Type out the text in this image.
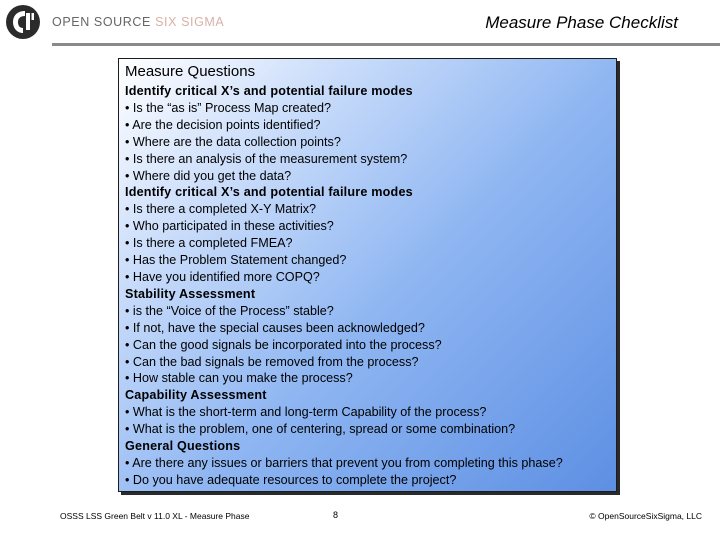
OPEN SOURCE SIX SIGMA	Measure Phase Checklist
Measure Questions
Identify critical X’s and potential failure modes
• Is the “as is” Process Map created?
• Are the decision points identified?
• Where are the data collection points?
• Is there an analysis of the measurement system?
• Where did you get the data?
Identify critical X’s and potential failure modes
• Is there a completed X-Y Matrix?
• Who participated in these activities?
• Is there a completed FMEA?
• Has the Problem Statement changed?
• Have you identified more COPQ?
Stability Assessment
• is the “Voice of the Process” stable?
• If not, have the special causes been acknowledged?
• Can the good signals be incorporated into the process?
• Can the bad signals be removed from the process?
• How stable can you make the process?
Capability Assessment
• What is the short-term and long-term Capability of the process?
• What is the problem, one of centering, spread or some combination?
General Questions
• Are there any issues or barriers that prevent you from completing this phase?
• Do you have adequate resources to complete the project?
OSSS LSS Green Belt v 11.0 XL - Measure Phase	8	© OpenSourceSixSigma, LLC
